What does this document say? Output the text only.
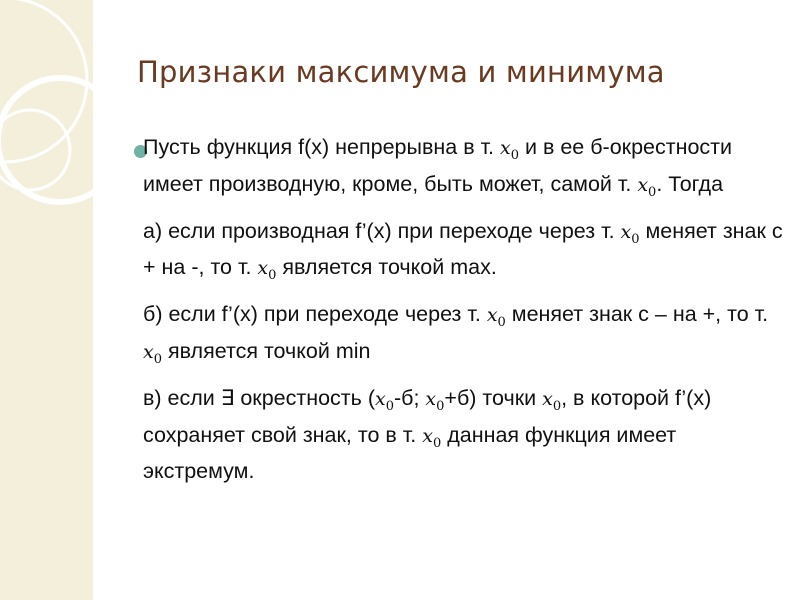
Признаки максимума и минимума

Пусть функция f(x) непрерывна в т. $x_0$ и в ее б-окрестности имеет производную, кроме, быть может, самой т. $x_0$. Тогда

а) если производная f’(x) при переходе через т. $x_0$ меняет знак с + на -, то т. $x_0$ является точкой max.

б) если f’(x) при переходе через т. $x_0$ меняет знак с – на +, то т. $x_0$ является точкой min

в) если ∃ окрестность ($x_0-б$; $x_0+б$) точки $x_0$, в которой f’(x) сохраняет свой знак, то в т. $x_0$ данная функция имеет экстремум.
